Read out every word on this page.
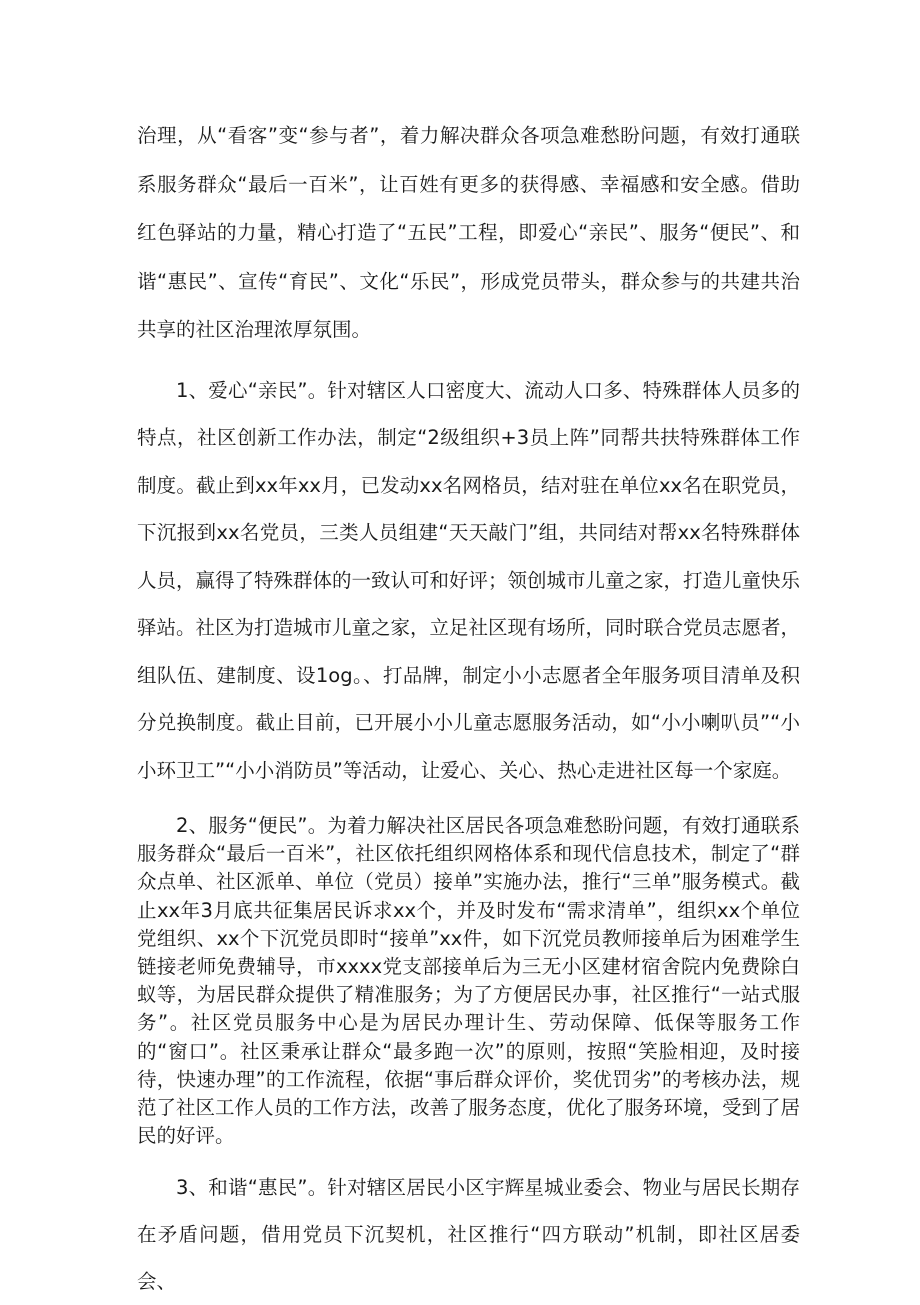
治理，从“看客”变“参与者”，着力解决群众各项急难愁盼问题，有效打通联系服务群众“最后一百米”，让百姓有更多的获得感、幸福感和安全感。借助红色驿站的力量，精心打造了“五民”工程，即爱心“亲民”、服务“便民”、和谐“惠民”、宣传“育民”、文化“乐民”，形成党员带头，群众参与的共建共治共享的社区治理浓厚氛围。

1、爱心“亲民”。针对辖区人口密度大、流动人口多、特殊群体人员多的特点，社区创新工作办法，制定“2级组织+3员上阵”同帮共扶特殊群体工作制度。截止到xx年xx月，已发动xx名网格员，结对驻在单位xx名在职党员，下沉报到xx名党员，三类人员组建“天天敲门”组，共同结对帮xx名特殊群体人员，赢得了特殊群体的一致认可和好评；领创城市儿童之家，打造儿童快乐驿站。社区为打造城市儿童之家，立足社区现有场所，同时联合党员志愿者，组队伍、建制度、设1og。、打品牌，制定小小志愿者全年服务项目清单及积分兑换制度。截止目前，已开展小小儿童志愿服务活动，如“小小喇叭员”“小小环卫工”“小小消防员”等活动，让爱心、关心、热心走进社区每一个家庭。

2、服务“便民”。为着力解决社区居民各项急难愁盼问题，有效打通联系服务群众“最后一百米”，社区依托组织网格体系和现代信息技术，制定了“群众点单、社区派单、单位（党员）接单”实施办法，推行“三单”服务模式。截止xx年3月底共征集居民诉求xx个，并及时发布“需求清单”，组织xx个单位党组织、xx个下沉党员即时“接单”xx件，如下沉党员教师接单后为困难学生链接老师免费辅导，市xxxx党支部接单后为三无小区建材宿舍院内免费除白蚁等，为居民群众提供了精准服务；为了方便居民办事，社区推行“一站式服务”。社区党员服务中心是为居民办理计生、劳动保障、低保等服务工作的“窗口”。社区秉承让群众“最多跑一次”的原则，按照“笑脸相迎，及时接待，快速办理”的工作流程，依据“事后群众评价，奖优罚劣”的考核办法，规范了社区工作人员的工作方法，改善了服务态度，优化了服务环境，受到了居民的好评。

3、和谐“惠民”。针对辖区居民小区宇辉星城业委会、物业与居民长期存在矛盾问题，借用党员下沉契机，社区推行“四方联动”机制，即社区居委会、
